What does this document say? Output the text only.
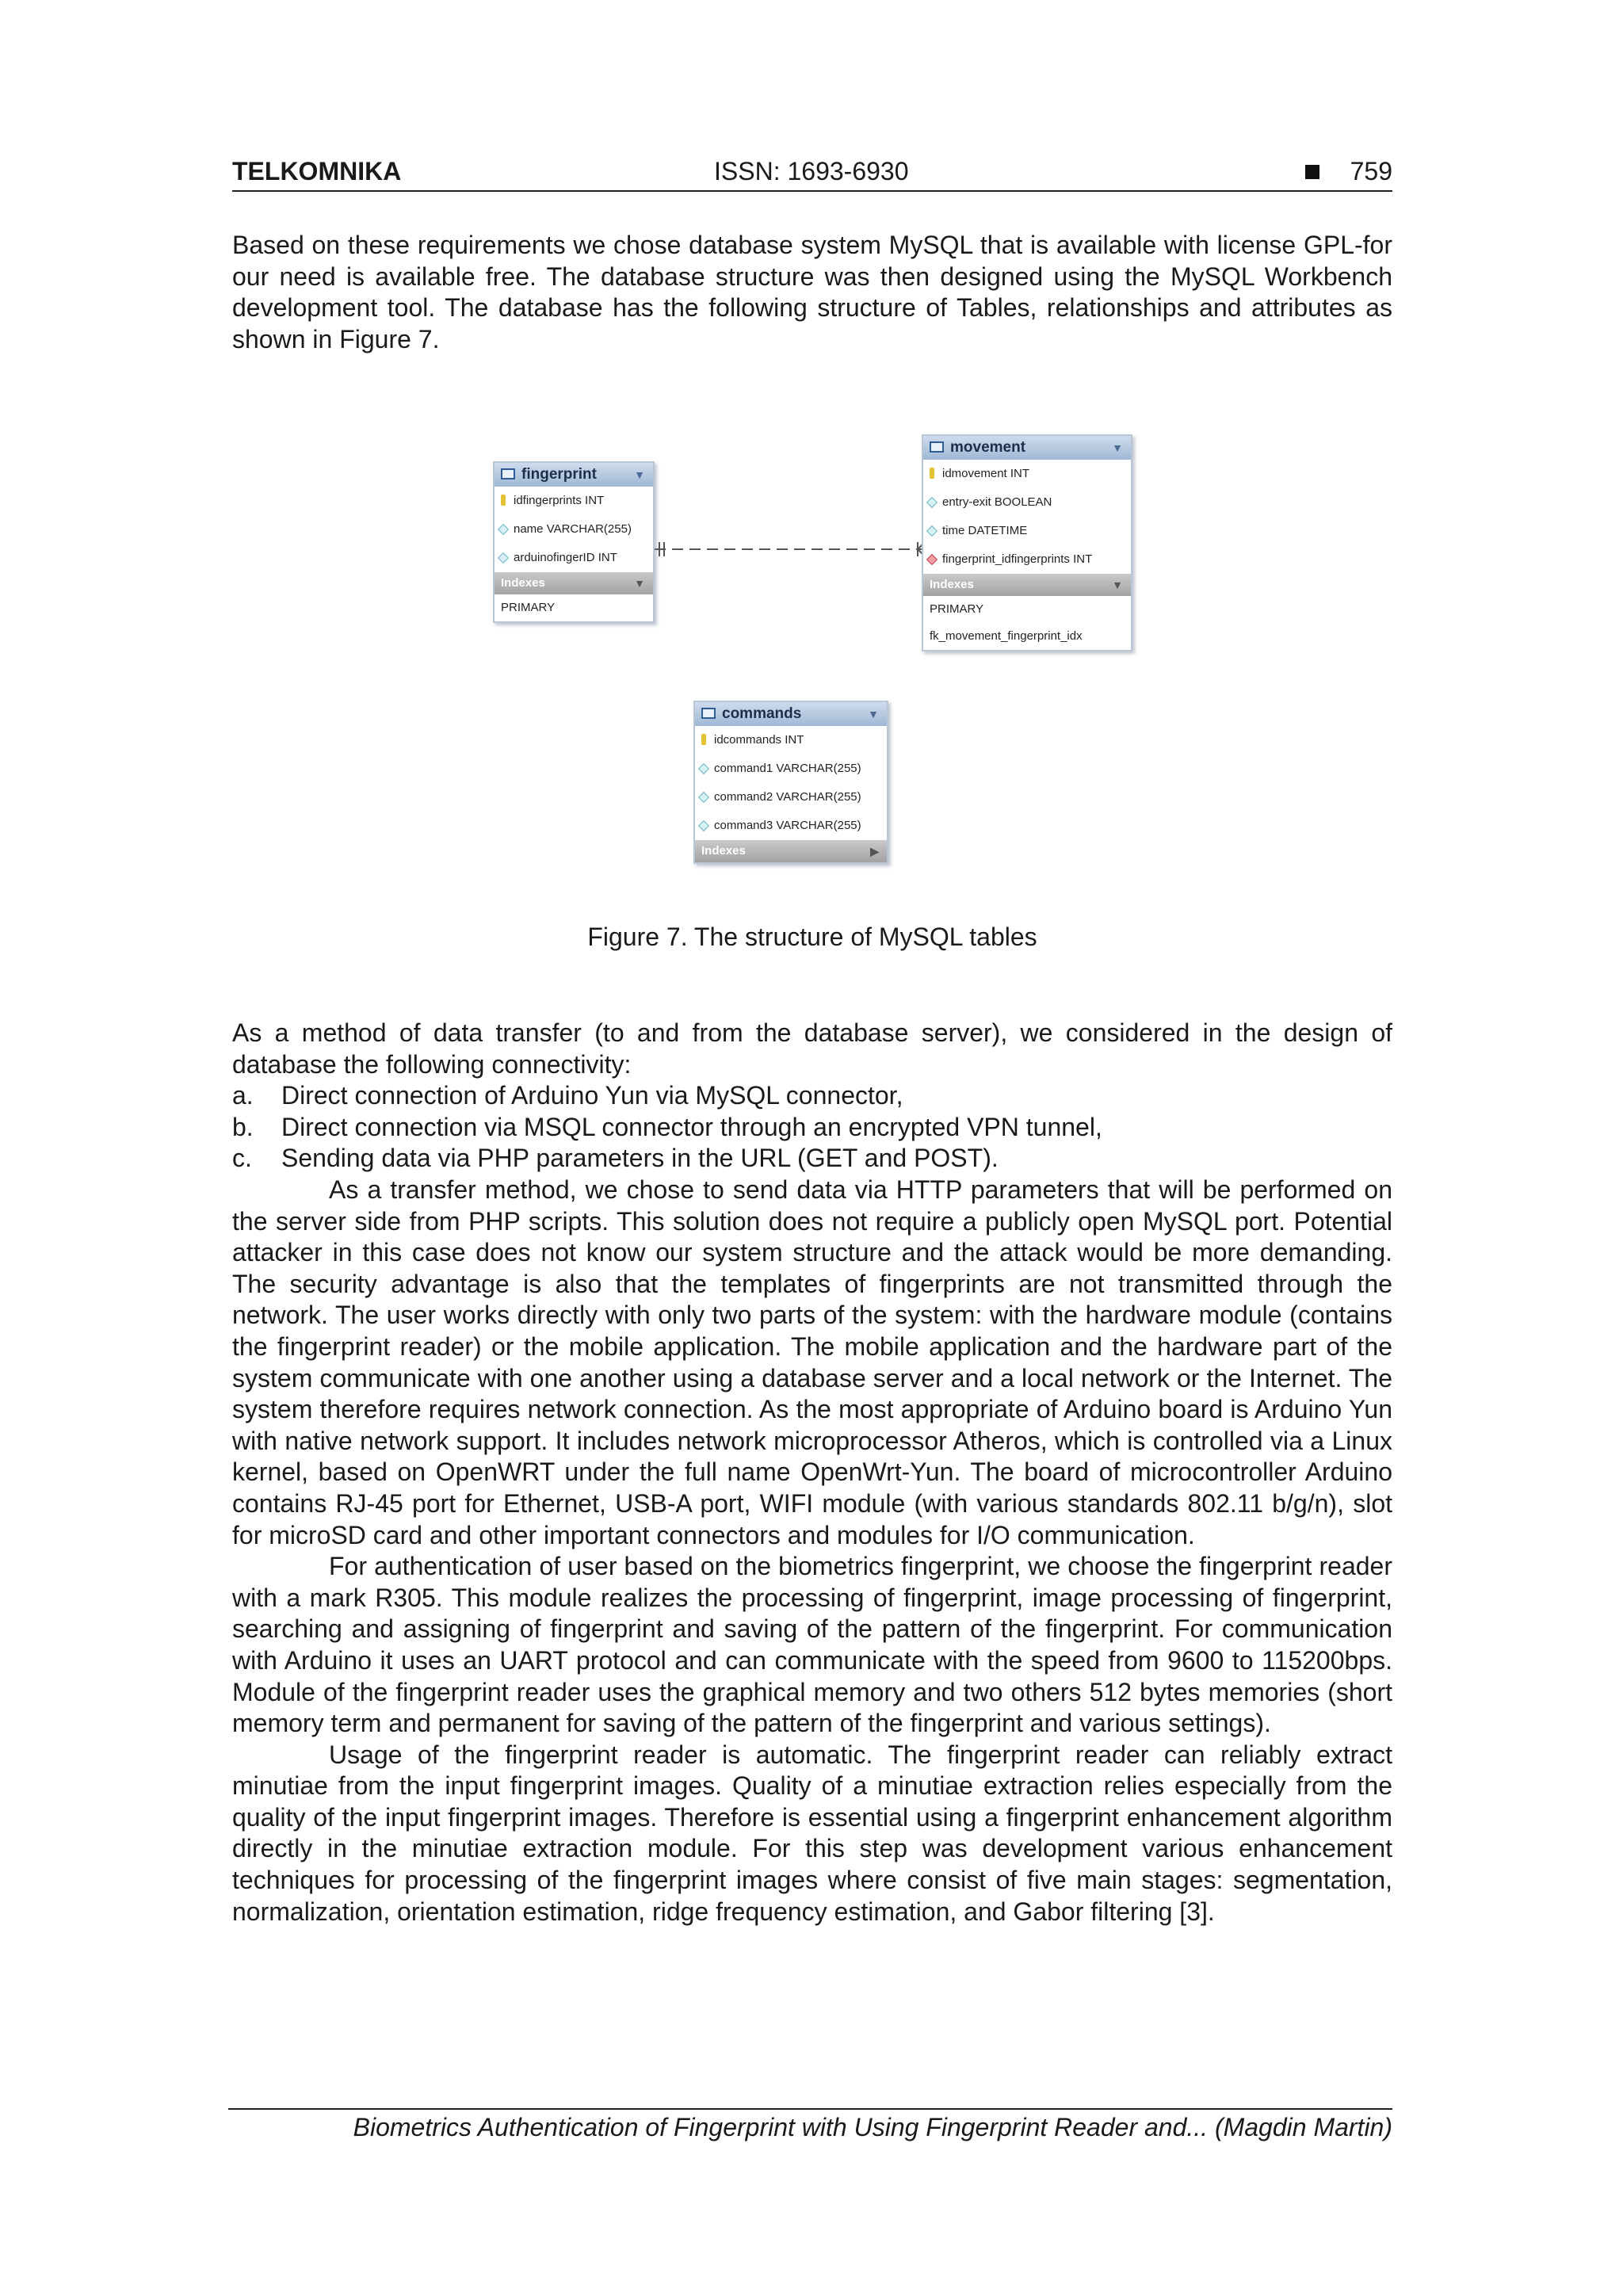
TELKOMNIKA	ISSN: 1693-6930	759

Based on these requirements we chose database system MySQL that is available with license GPL-for our need is available free. The database structure was then designed using the MySQL Workbench development tool. The database has the following structure of Tables, relationships and attributes as shown in Figure 7.

fingerprint	▼
idfingerprints INT
name VARCHAR(255)
arduinofingerID INT
Indexes	▼
PRIMARY
movement	▼
idmovement INT
entry-exit BOOLEAN
time DATETIME
fingerprint_idfingerprints INT
Indexes	▼
PRIMARY
fk_movement_fingerprint_idx
commands	▼
idcommands INT
command1 VARCHAR(255)
command2 VARCHAR(255)
command3 VARCHAR(255)
Indexes	▶
Figure 7. The structure of MySQL tables

As a method of data transfer (to and from the database server), we considered in the design of database the following connectivity:

a. Direct connection of Arduino Yun via MySQL connector,
b. Direct connection via MSQL connector through an encrypted VPN tunnel,
c. Sending data via PHP parameters in the URL (GET and POST).

As a transfer method, we chose to send data via HTTP parameters that will be performed on the server side from PHP scripts. This solution does not require a publicly open MySQL port. Potential attacker in this case does not know our system structure and the attack would be more demanding. The security advantage is also that the templates of fingerprints are not transmitted through the network. The user works directly with only two parts of the system: with the hardware module (contains the fingerprint reader) or the mobile application. The mobile application and the hardware part of the system communicate with one another using a database server and a local network or the Internet. The system therefore requires network connection. As the most appropriate of Arduino board is Arduino Yun with native network support. It includes network microprocessor Atheros, which is controlled via a Linux kernel, based on OpenWRT under the full name OpenWrt-Yun. The board of microcontroller Arduino contains RJ-45 port for Ethernet, USB-A port, WIFI module (with various standards 802.11 b/g/n), slot for microSD card and other important connectors and modules for I/O communication.

For authentication of user based on the biometrics fingerprint, we choose the fingerprint reader with a mark R305. This module realizes the processing of fingerprint, image processing of fingerprint, searching and assigning of fingerprint and saving of the pattern of the fingerprint. For communication with Arduino it uses an UART protocol and can communicate with the speed from 9600 to 115200bps. Module of the fingerprint reader uses the graphical memory and two others 512 bytes memories (short memory term and permanent for saving of the pattern of the fingerprint and various settings).

Usage of the fingerprint reader is automatic. The fingerprint reader can reliably extract minutiae from the input fingerprint images. Quality of a minutiae extraction relies especially from the quality of the input fingerprint images. Therefore is essential using a fingerprint enhancement algorithm directly in the minutiae extraction module. For this step was development various enhancement techniques for processing of the fingerprint images where consist of five main stages: segmentation, normalization, orientation estimation, ridge frequency estimation, and Gabor filtering [3].

Biometrics Authentication of Fingerprint with Using Fingerprint Reader and... (Magdin Martin)
